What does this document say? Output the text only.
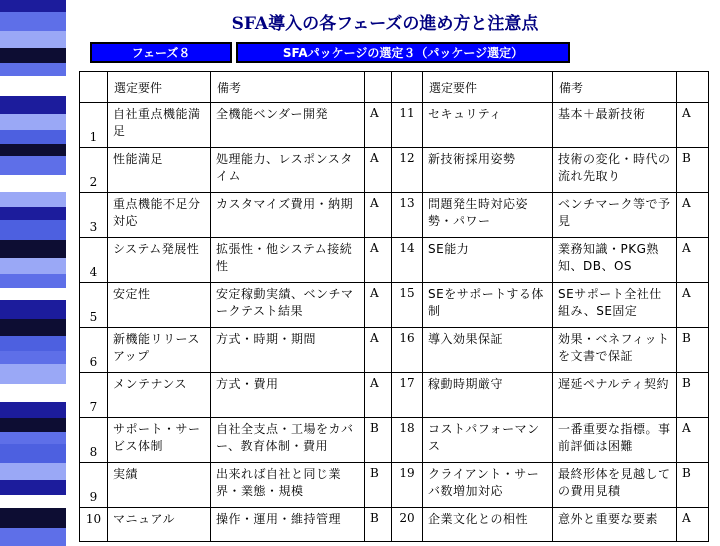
SFA導入の各フェーズの進め方と注意点
フェーズ８	SFAパッケージの選定３（パッケージ選定）
	選定要件	備考			選定要件	備考	
1	自社重点機能満足	全機能ベンダー開発	A	11	セキュリティ	基本＋最新技術	A
2	性能満足	処理能力、レスポンスタイム	A	12	新技術採用姿勢	技術の変化・時代の流れ先取り	B
3	重点機能不足分対応	カスタマイズ費用・納期	A	13	問題発生時対応姿勢・パワー	ベンチマーク等で予見	A
4	システム発展性	拡張性・他システム接続性	A	14	SE能力	業務知識・PKG熟知、DB、OS	A
5	安定性	安定稼動実績、ベンチマークテスト結果	A	15	SEをサポートする体制	SEサポート全社仕組み、SE固定	A
6	新機能リリースアップ	方式・時期・期間	A	16	導入効果保証	効果・ベネフィットを文書で保証	B
7	メンテナンス	方式・費用	A	17	稼動時期厳守	遅延ペナルティ契約	B
8	サポート・サービス体制	自社全支点・工場をカバー、教育体制・費用	B	18	コストパフォーマンス	一番重要な指標。事前評価は困難	A
9	実績	出来れば自社と同じ業界・業態・規模	B	19	クライアント・サーバ数増加対応	最終形体を見越しての費用見積	B
10	マニュアル	操作・運用・維持管理	B	20	企業文化との相性	意外と重要な要素	A
